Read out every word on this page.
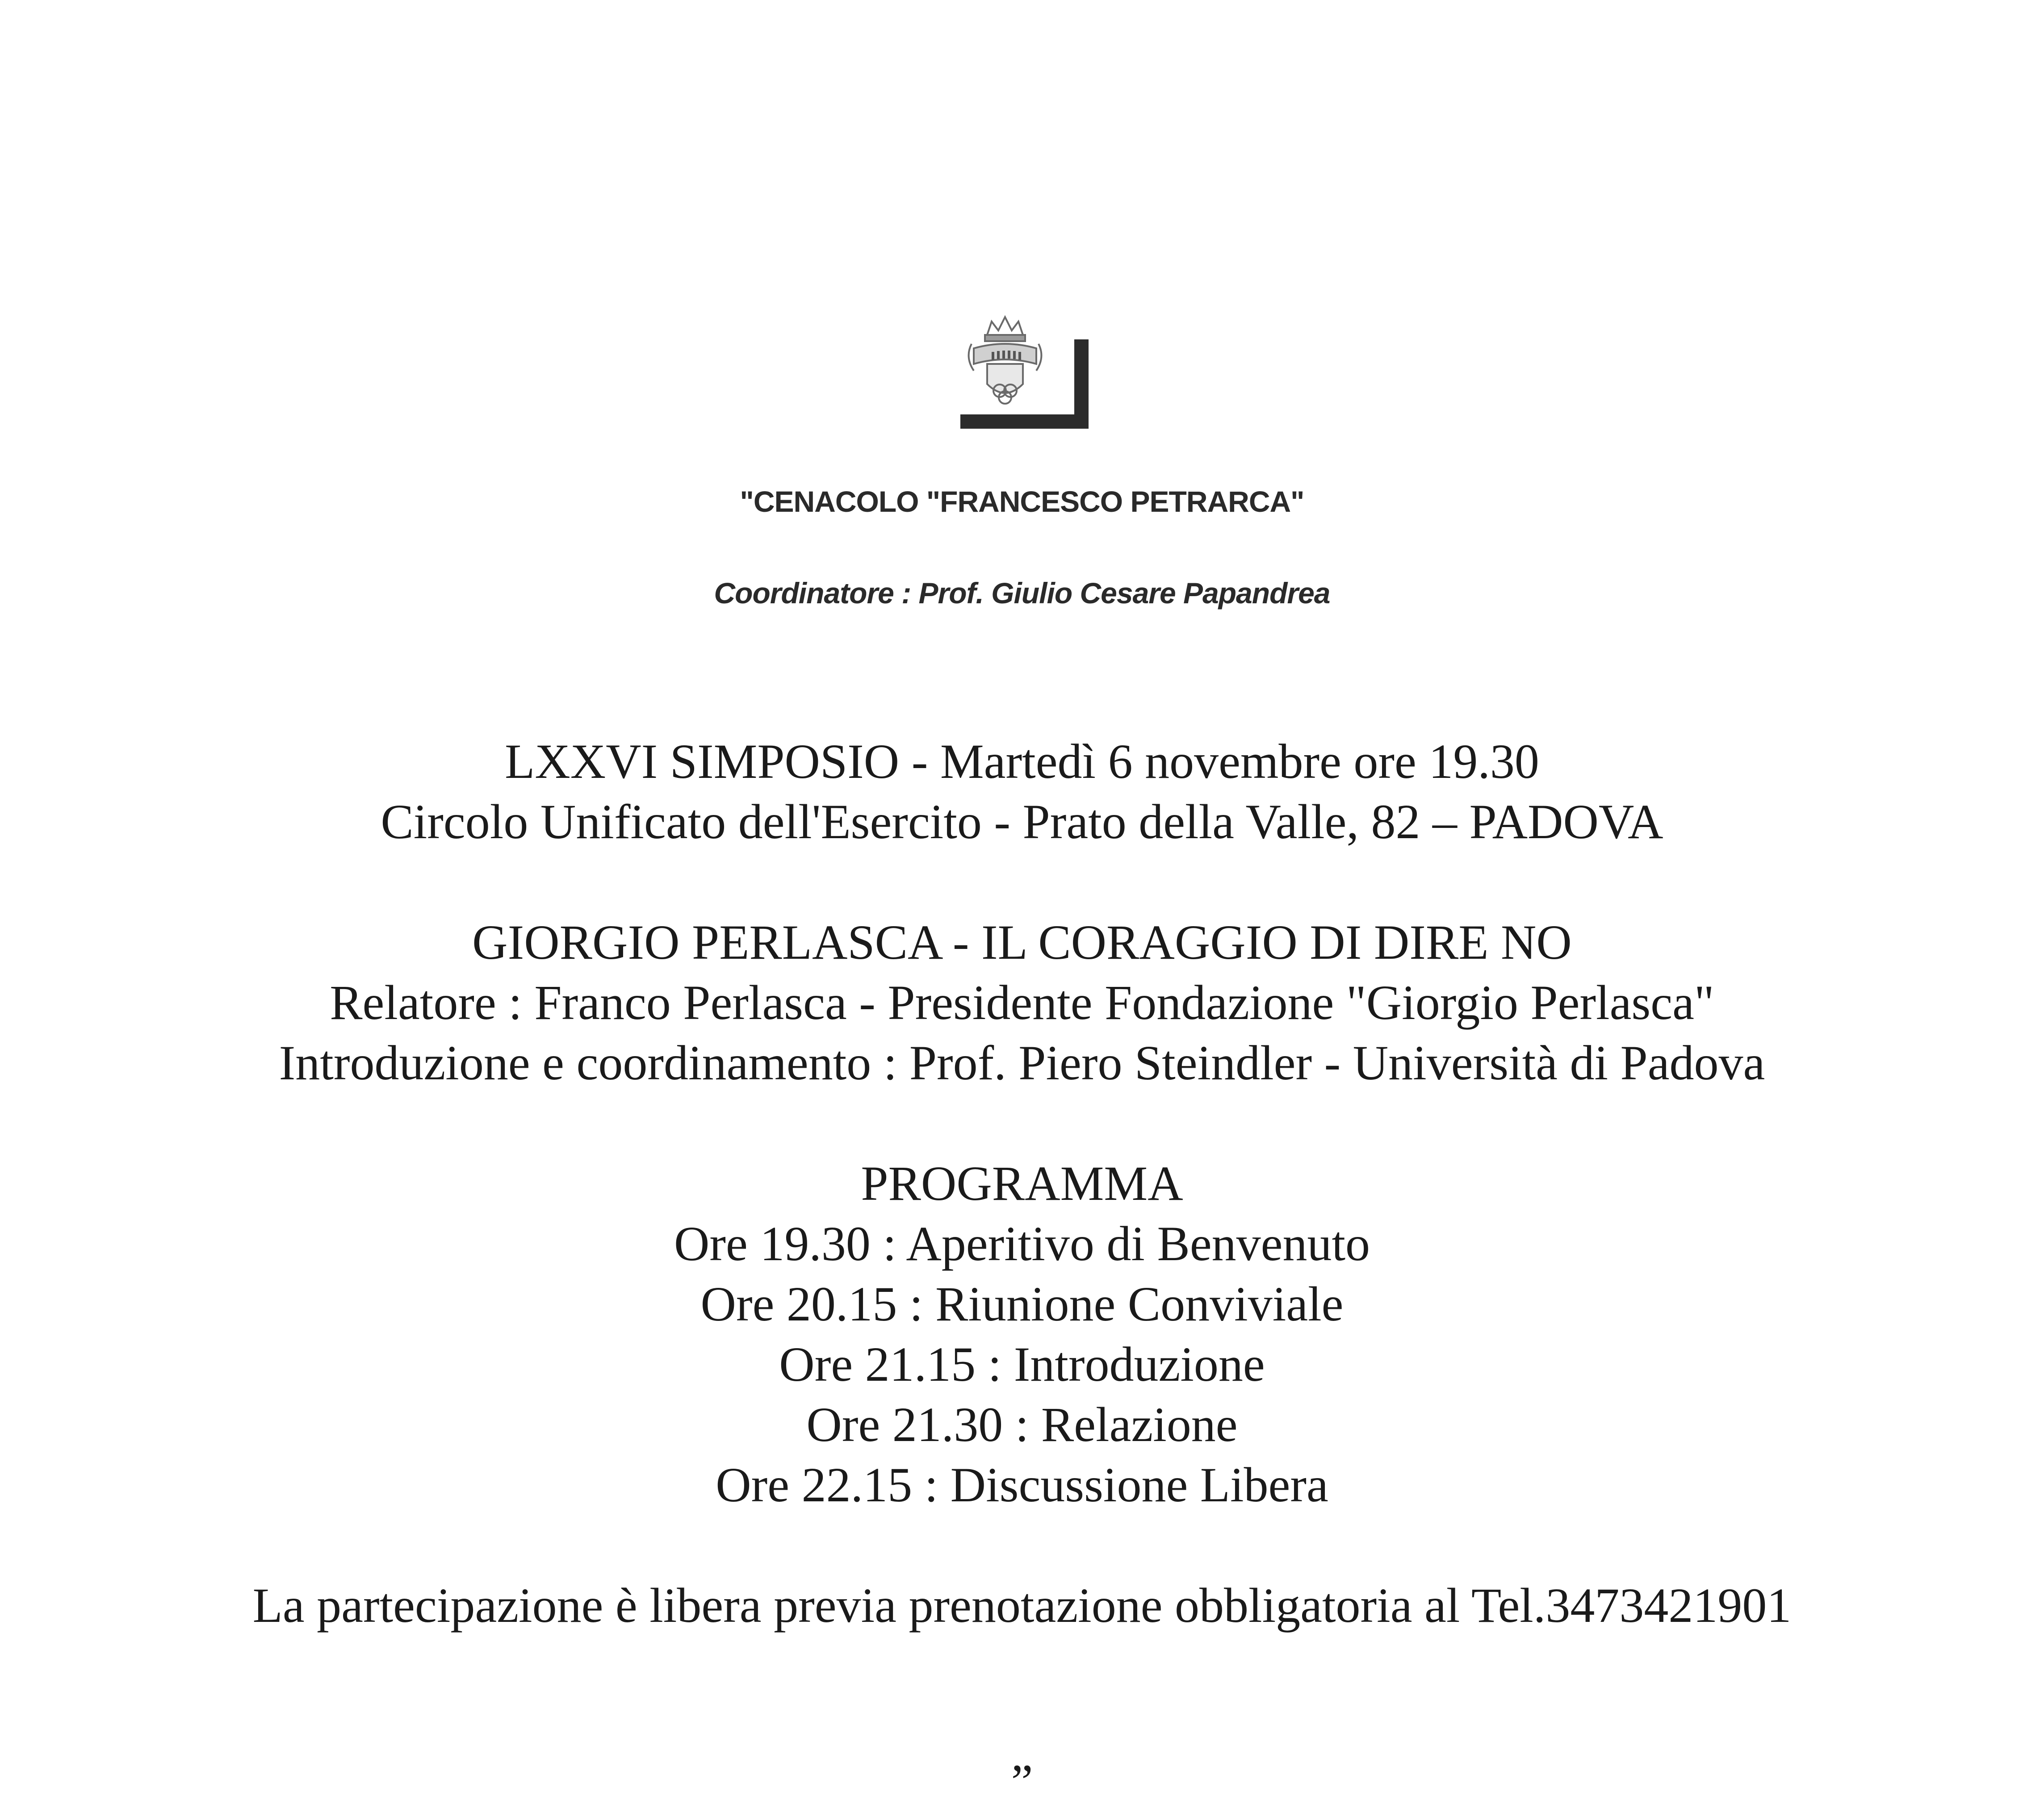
"CENACOLO "FRANCESCO PETRARCA"
Coordinatore : Prof. Giulio Cesare Papandrea
LXXVI SIMPOSIO - Martedì 6 novembre ore 19.30
Circolo Unificato dell'Esercito - Prato della Valle, 82 – PADOVA
GIORGIO PERLASCA - IL CORAGGIO DI DIRE NO
Relatore : Franco Perlasca - Presidente Fondazione "Giorgio Perlasca"
Introduzione e coordinamento : Prof. Piero Steindler - Università di Padova
PROGRAMMA
Ore 19.30 : Aperitivo di Benvenuto
Ore 20.15 : Riunione Conviviale
Ore 21.15 : Introduzione
Ore 21.30 : Relazione
Ore 22.15 : Discussione Libera
La partecipazione è libera previa prenotazione obbligatoria al Tel.3473421901
”
